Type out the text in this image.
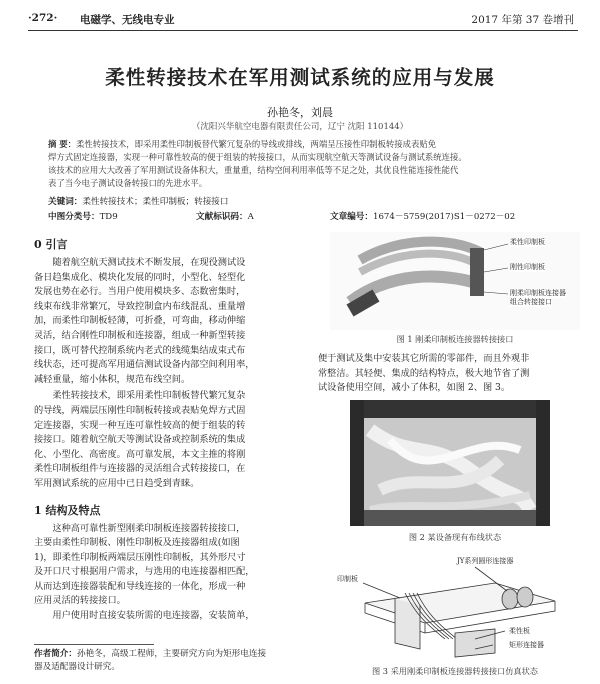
·272· 电磁学、无线电专业	2017 年第 37 卷增刊
柔性转接技术在军用测试系统的应用与发展
孙艳冬，刘晨
（沈阳兴华航空电器有限责任公司，辽宁 沈阳 110144）
摘 要：柔性转接技术，即采用柔性印制板替代繁冗复杂的导线或排线，两端呈压接性印制板转接成表贴免
焊方式固定连接器，实现一种可靠性较高的便于组装的转接接口，从而实现航空航天等测试设备与测试系统连接。
该技术的应用大大改善了军用测试设备体积大，重量重，结构空间利用率低等不足之处，其优良性能连接性能代
表了当今电子测试设备转接口的先进水平。
关键词：柔性转接技术；柔性印制板；转接接口
中图分类号：TD9	文献标识码：A	文章编号：1674－5759(2017)S1－0272－02
0 引言
随着航空航天测试技术不断发展，在现役测试设
备日趋集成化、模块化发展的同时，小型化、轻型化
发展也势在必行。当用户使用模块多、态数密集时，
线束布线非常繁冗，导致控制盒内布线混乱、重量增
加，而柔性印制板轻薄，可折叠，可弯曲，移动伸缩
灵活，结合刚性印制板和连接器，组成一种新型转接
接口，既可替代控制系统内老式的线缆集结成束式布
线状态，还可提高军用通信测试设备内部空间利用率，
减轻重量，缩小体积，规范布线空间。
柔性转接技术，即采用柔性印制板替代繁冗复杂
的导线，两端层压刚性印制板转接或表贴免焊方式固
定连接器，实现一种互连可靠性较高的便于组装的转
接接口。随着航空航天等测试设备或控制系统的集成
化、小型化、高密度。高可靠发展，本文主推的将刚
柔性印制板组件与连接器的灵活组合式转接接口，在
军用测试系统的应用中已日趋受到青睐。
1 结构及特点
这种高可靠性新型刚柔印制板连接器转接接口，
主要由柔性印制板、刚性印制板及连接器组成(如图
1)，即柔性印制板两端层压刚性印制板，其外形尺寸
及开口尺寸根据用户需求，与选用的电连接器相匹配，
从而达到连接器装配和导线连接的一体化，形成一种
应用灵活的转接接口。
用户使用时直接安装所需的电连接器，安装简单，
作者简介：孙艳冬，高级工程师，主要研究方向为矩形电连接
器及适配器设计研究。
柔性印制板
刚性印制板
刚柔印制板连接器
组合转接接口
图 1 刚柔印制板连接器转接接口
便于测试及集中安装其它所需的零部件，而且外观非
常整洁。其轻便、集成的结构特点，极大地节省了测
试设备使用空间，减小了体积，如图 2、图 3。
图 2 某设备现有布线状态
JY系列圆形连接器
印制板
柔性板
矩形连接器
图 3 采用刚柔印制板连接器转接接口仿真状态
